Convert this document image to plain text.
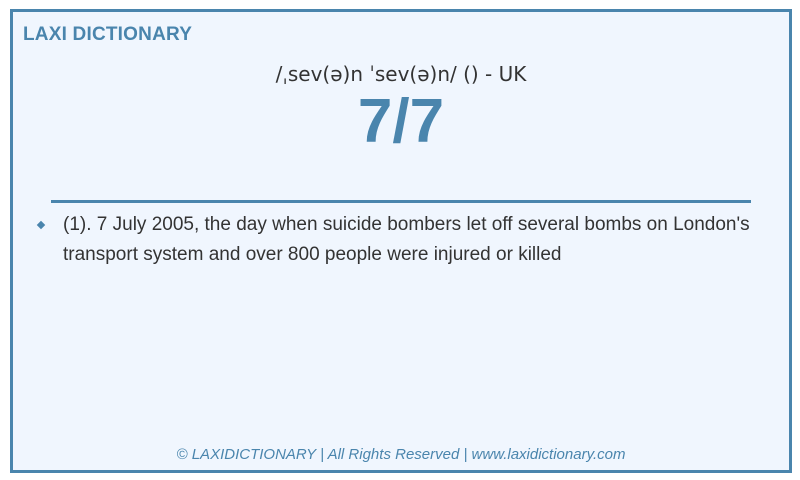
LAXI DICTIONARY
/ˌsev(ə)n ˈsev(ə)n/ () - UK
7/7
(1). 7 July 2005, the day when suicide bombers let off several bombs on London's transport system and over 800 people were injured or killed
© LAXIDICTIONARY | All Rights Reserved | www.laxidictionary.com
